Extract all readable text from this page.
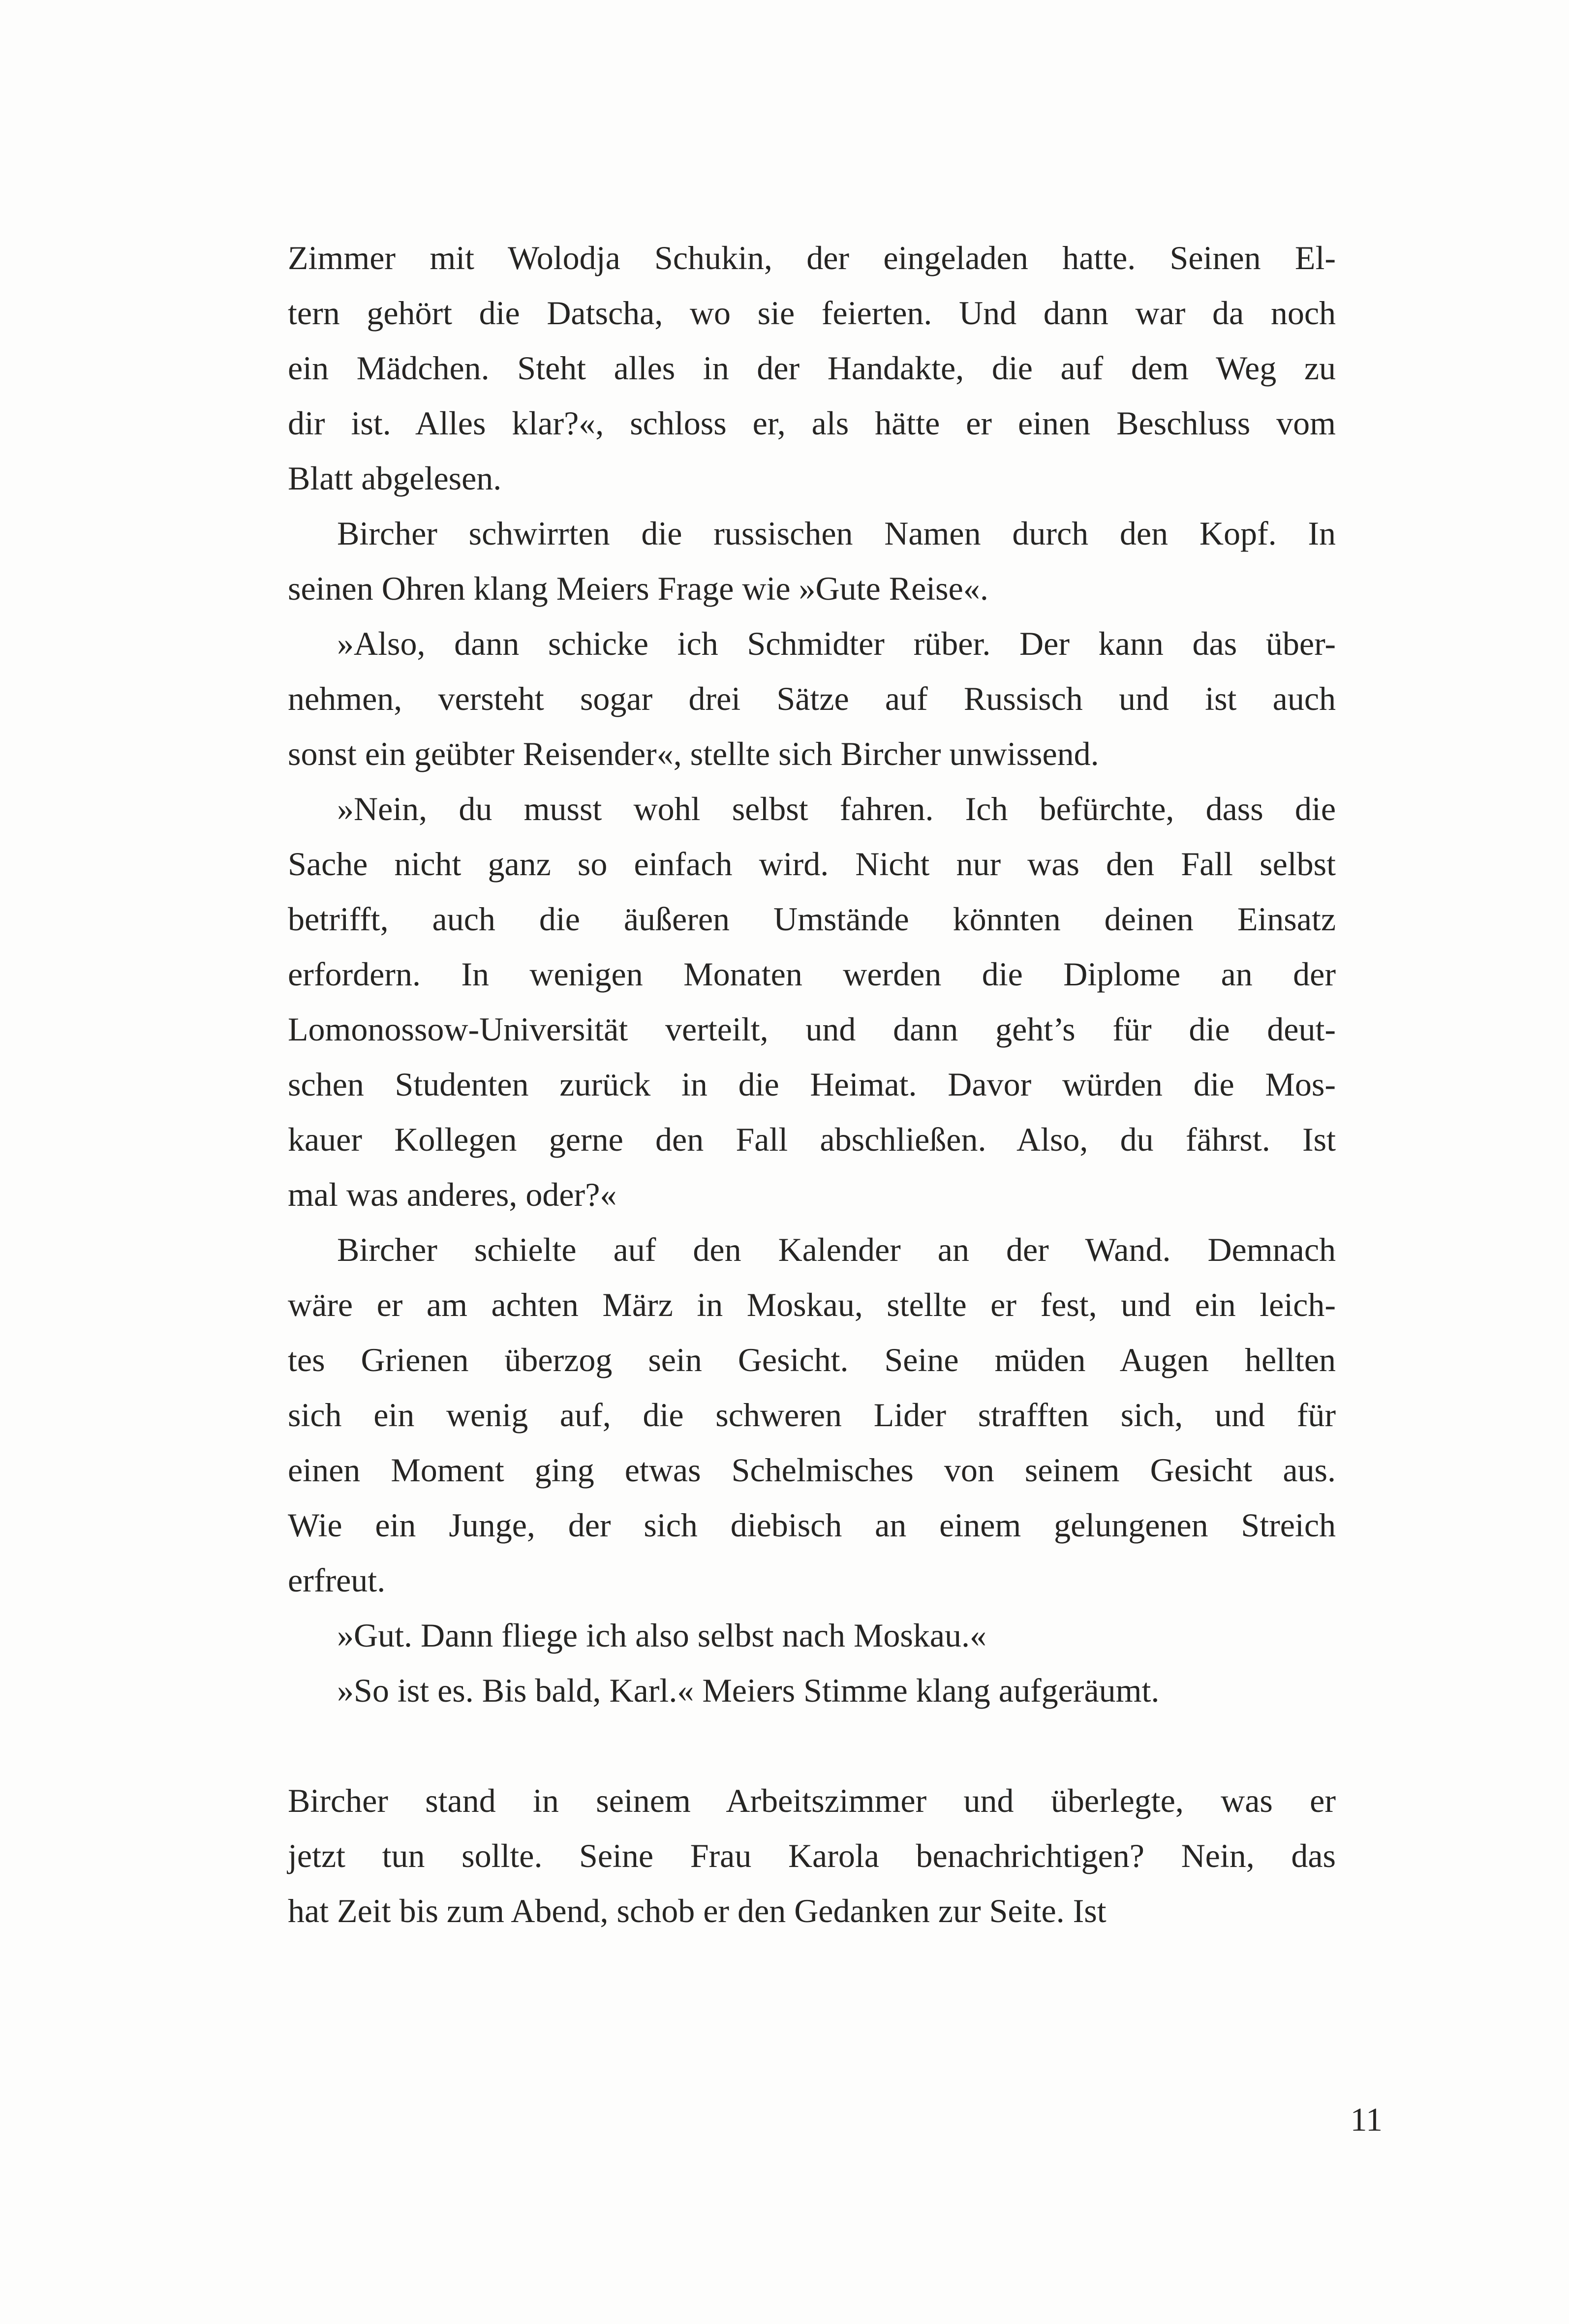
Zimmer mit Wolodja Schukin, der eingeladen hatte. Seinen El-
tern gehört die Datscha, wo sie feierten. Und dann war da noch
ein Mädchen. Steht alles in der Handakte, die auf dem Weg zu
dir ist. Alles klar?«, schloss er, als hätte er einen Beschluss vom
Blatt abgelesen.

Bircher schwirrten die russischen Namen durch den Kopf. In
seinen Ohren klang Meiers Frage wie »Gute Reise«.

»Also, dann schicke ich Schmidter rüber. Der kann das über-
nehmen, versteht sogar drei Sätze auf Russisch und ist auch
sonst ein geübter Reisender«, stellte sich Bircher unwissend.

»Nein, du musst wohl selbst fahren. Ich befürchte, dass die
Sache nicht ganz so einfach wird. Nicht nur was den Fall selbst
betrifft, auch die äußeren Umstände könnten deinen Einsatz
erfordern. In wenigen Monaten werden die Diplome an der
Lomonossow-Universität verteilt, und dann geht’s für die deut-
schen Studenten zurück in die Heimat. Davor würden die Mos-
kauer Kollegen gerne den Fall abschließen. Also, du fährst. Ist
mal was anderes, oder?«

Bircher schielte auf den Kalender an der Wand. Demnach
wäre er am achten März in Moskau, stellte er fest, und ein leich-
tes Grienen überzog sein Gesicht. Seine müden Augen hellten
sich ein wenig auf, die schweren Lider strafften sich, und für
einen Moment ging etwas Schelmisches von seinem Gesicht aus.
Wie ein Junge, der sich diebisch an einem gelungenen Streich
erfreut.

»Gut. Dann fliege ich also selbst nach Moskau.«

»So ist es. Bis bald, Karl.« Meiers Stimme klang aufgeräumt.

Bircher stand in seinem Arbeitszimmer und überlegte, was er
jetzt tun sollte. Seine Frau Karola benachrichtigen? Nein, das
hat Zeit bis zum Abend, schob er den Gedanken zur Seite. Ist

11
